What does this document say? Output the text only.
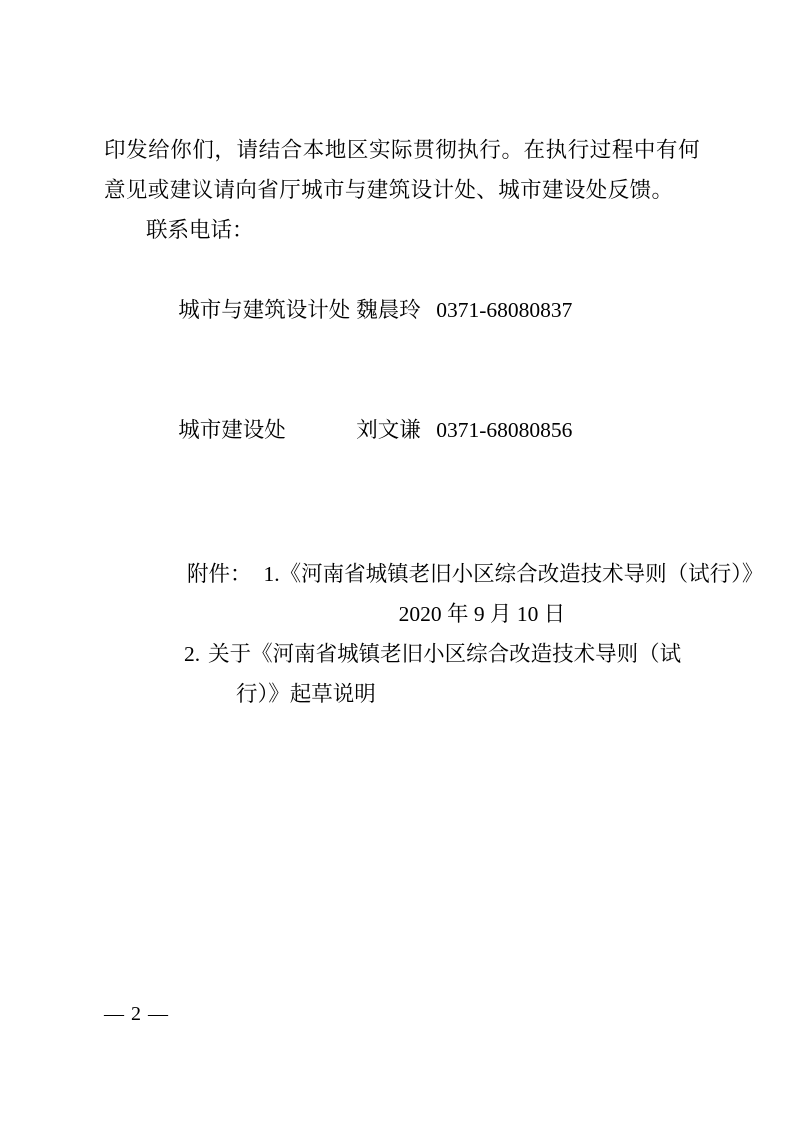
印发给你们，请结合本地区实际贯彻执行。在执行过程中有何意见或建议请向省厅城市与建筑设计处、城市建设处反馈。

联系电话：

城市与建筑设计处 魏晨玲 0371-68080837

城市建设处	刘文谦 0371-68080856

附件： 1.《河南省城镇老旧小区综合改造技术导则（试行）》

2. 关于《河南省城镇老旧小区综合改造技术导则（试行）》起草说明

2020 年 9 月 10 日
— 2 —
